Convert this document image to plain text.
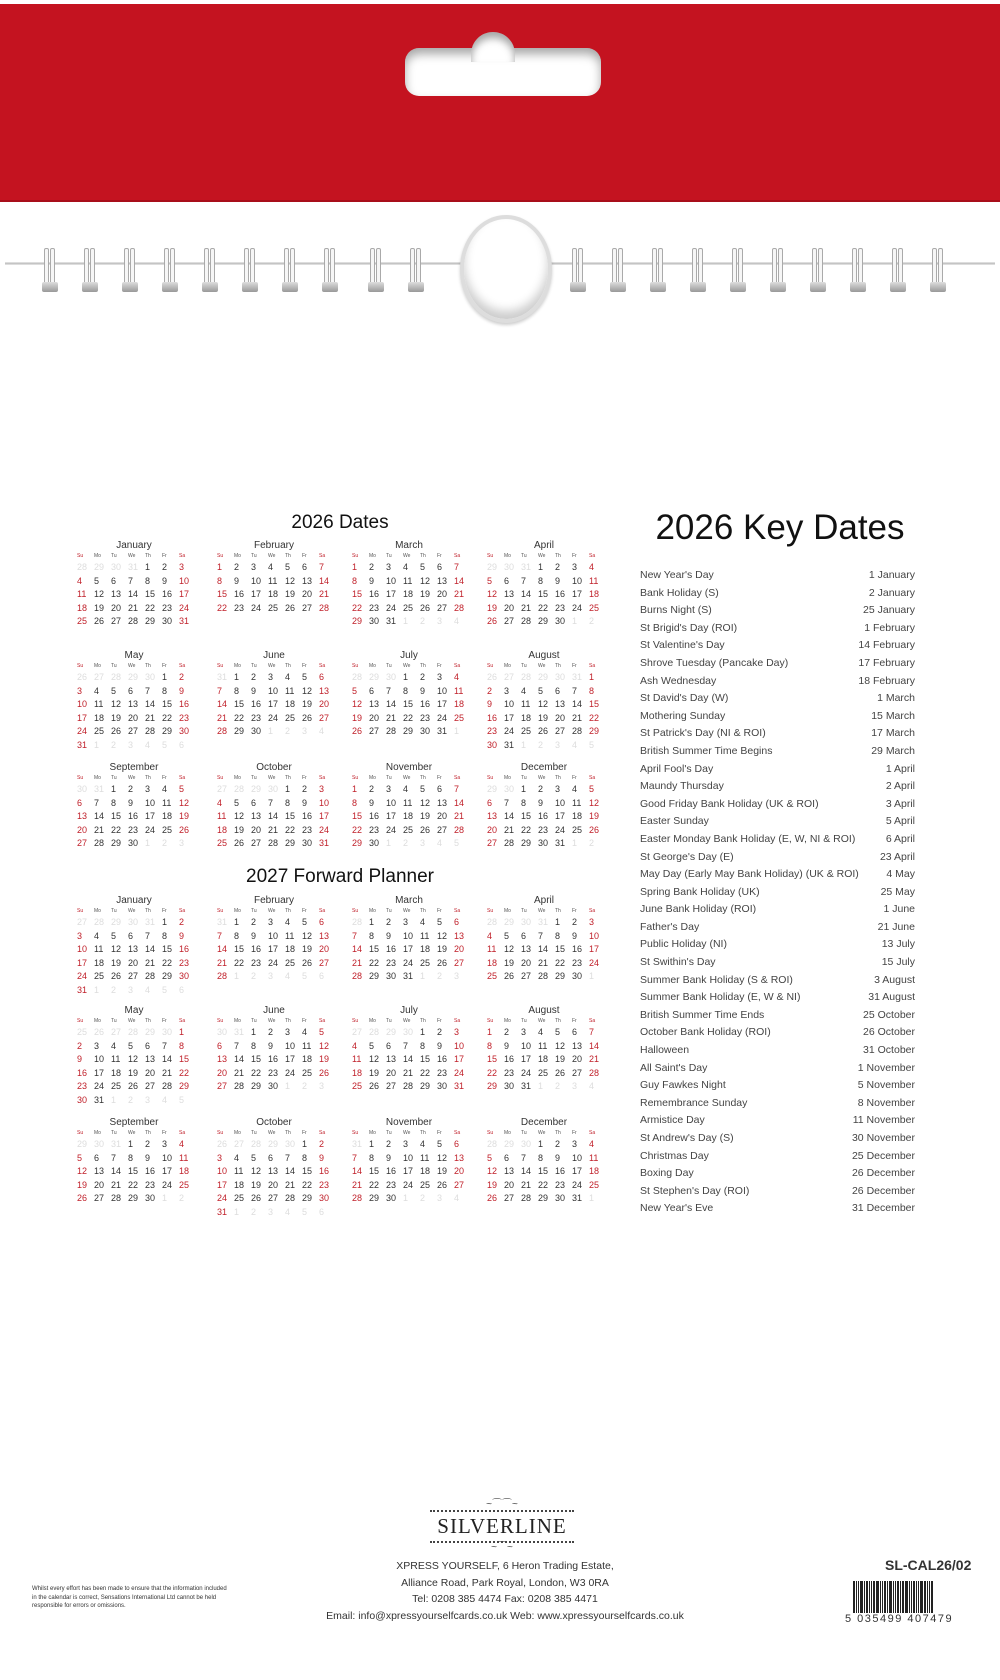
2026 Dates
January
Su	Mo	Tu	We	Th	Fr	Sa
28 29 30 31 1	2	3
4	5	6	7	8	9	10
11 12 13 14 15 16 17
18 19 20 21 22 23 24
25 26 27 28 29 30 31
February
Su	Mo	Tu	We	Th	Fr	Sa
1	2	3	4	5	6	7
8	9	10 11 12 13 14
15 16 17 18 19 20 21
22 23 24 25 26 27 28
March
Su	Mo	Tu	We	Th	Fr	Sa
1	2	3	4	5	6	7
8	9	10 11 12 13 14
15 16 17 18 19 20 21
22 23 24 25 26 27 28
29 30 31 1	2	3	4
April
Su	Mo	Tu	We	Th	Fr	Sa
29 30 31 1	2	3	4
5	6	7	8	9	10 11
12 13 14 15 16 17 18
19 20 21 22 23 24 25
26 27 28 29 30 1	2
May
Su	Mo	Tu	We	Th	Fr	Sa
26 27 28 29 30 1	2
3	4	5	6	7	8	9
10 11 12 13 14 15 16
17 18 19 20 21 22 23
24 25 26 27 28 29 30
31 1	2	3	4	5	6
June
Su	Mo	Tu	We	Th	Fr	Sa
31 1	2	3	4	5	6
7	8	9	10 11 12 13
14 15 16 17 18 19 20
21 22 23 24 25 26 27
28 29 30 1	2	3	4
July
Su	Mo	Tu	We	Th	Fr	Sa
28 29 30 1	2	3	4
5	6	7	8	9	10 11
12 13 14 15 16 17 18
19 20 21 22 23 24 25
26 27 28 29 30 31 1
August
Su	Mo	Tu	We	Th	Fr	Sa
26 27 28 29 30 31 1
2	3	4	5	6	7	8
9	10 11 12 13 14 15
16 17 18 19 20 21 22
23 24 25 26 27 28 29
30 31 1	2	3	4	5
September
Su	Mo	Tu	We	Th	Fr	Sa
30 31 1	2	3	4	5
6	7	8	9	10 11 12
13 14 15 16 17 18 19
20 21 22 23 24 25 26
27 28 29 30 1	2	3
October
Su	Mo	Tu	We	Th	Fr	Sa
27 28 29 30 1	2	3
4	5	6	7	8	9	10
11 12 13 14 15 16 17
18 19 20 21 22 23 24
25 26 27 28 29 30 31
November
Su	Mo	Tu	We	Th	Fr	Sa
1	2	3	4	5	6	7
8	9	10 11 12 13 14
15 16 17 18 19 20 21
22 23 24 25 26 27 28
29 30 1	2	3	4	5
December
Su	Mo	Tu	We	Th	Fr	Sa
29 30 1	2	3	4	5
6	7	8	9	10 11 12
13 14 15 16 17 18 19
20 21 22 23 24 25 26
27 28 29 30 31 1	2
2027 Forward Planner
January
Su	Mo	Tu	We	Th	Fr	Sa
27 28 29 30 31 1	2
3	4	5	6	7	8	9
10 11 12 13 14 15 16
17 18 19 20 21 22 23
24 25 26 27 28 29 30
31 1	2	3	4	5	6
February
Su	Mo	Tu	We	Th	Fr	Sa
31 1	2	3	4	5	6
7	8	9	10 11 12 13
14 15 16 17 18 19 20
21 22 23 24 25 26 27
28 1	2	3	4	5	6
March
Su	Mo	Tu	We	Th	Fr	Sa
28 1	2	3	4	5	6
7	8	9	10 11 12 13
14 15 16 17 18 19 20
21 22 23 24 25 26 27
28 29 30 31 1	2	3
April
Su	Mo	Tu	We	Th	Fr	Sa
28 29 30 31 1	2	3
4	5	6	7	8	9	10
11 12 13 14 15 16 17
18 19 20 21 22 23 24
25 26 27 28 29 30 1
May
Su	Mo	Tu	We	Th	Fr	Sa
25 26 27 28 29 30 1
2	3	4	5	6	7	8
9	10 11 12 13 14 15
16 17 18 19 20 21 22
23 24 25 26 27 28 29
30 31 1	2	3	4	5
June
Su	Mo	Tu	We	Th	Fr	Sa
30 31 1	2	3	4	5
6	7	8	9	10 11 12
13 14 15 16 17 18 19
20 21 22 23 24 25 26
27 28 29 30 1	2	3
July
Su	Mo	Tu	We	Th	Fr	Sa
27 28 29 30 1	2	3
4	5	6	7	8	9	10
11 12 13 14 15 16 17
18 19 20 21 22 23 24
25 26 27 28 29 30 31
August
Su	Mo	Tu	We	Th	Fr	Sa
1	2	3	4	5	6	7
8	9	10 11 12 13 14
15 16 17 18 19 20 21
22 23 24 25 26 27 28
29 30 31 1	2	3	4
September
Su	Mo	Tu	We	Th	Fr	Sa
29 30 31 1	2	3	4
5	6	7	8	9	10 11
12 13 14 15 16 17 18
19 20 21 22 23 24 25
26 27 28 29 30 1	2
October
Su	Mo	Tu	We	Th	Fr	Sa
26 27 28 29 30 1	2
3	4	5	6	7	8	9
10 11 12 13 14 15 16
17 18 19 20 21 22 23
24 25 26 27 28 29 30
31 1	2	3	4	5	6
November
Su	Mo	Tu	We	Th	Fr	Sa
31 1	2	3	4	5	6
7	8	9	10 11 12 13
14 15 16 17 18 19 20
21 22 23 24 25 26 27
28 29 30 1	2	3	4
December
Su	Mo	Tu	We	Th	Fr	Sa
28 29 30 1	2	3	4
5	6	7	8	9	10 11
12 13 14 15 16 17 18
19 20 21 22 23 24 25
26 27 28 29 30 31 1
2026 Key Dates
New Year's Day	1 January
Bank Holiday (S)	2 January
Burns Night (S)	25 January
St Brigid's Day (ROI)	1 February
St Valentine's Day	14 February
Shrove Tuesday (Pancake Day)	17 February
Ash Wednesday	18 February
St David's Day (W)	1 March
Mothering Sunday	15 March
St Patrick's Day (NI & ROI)	17 March
British Summer Time Begins	29 March
April Fool's Day	1 April
Maundy Thursday	2 April
Good Friday Bank Holiday (UK & ROI)	3 April
Easter Sunday	5 April
Easter Monday Bank Holiday (E, W, NI & ROI)	6 April
St George's Day (E)	23 April
May Day (Early May Bank Holiday) (UK & ROI)	4 May
Spring Bank Holiday (UK)	25 May
June Bank Holiday (ROI)	1 June
Father's Day	21 June
Public Holiday (NI)	13 July
St Swithin's Day	15 July
Summer Bank Holiday (S & ROI)	3 August
Summer Bank Holiday (E, W & NI)	31 August
British Summer Time Ends	25 October
October Bank Holiday (ROI)	26 October
Halloween	31 October
All Saint's Day	1 November
Guy Fawkes Night	5 November
Remembrance Sunday	8 November
Armistice Day	11 November
St Andrew's Day (S)	30 November
Christmas Day	25 December
Boxing Day	26 December
St Stephen's Day (ROI)	26 December
New Year's Eve	31 December
~⌒⌒~
SILVERLINE
~⌒~
Whilst every effort has been made to ensure that the information included in the calendar is correct, Sensations International Ltd cannot be held responsible for errors or omissions.
XPRESS YOURSELF, 6 Heron Trading Estate,
Alliance Road, Park Royal, London, W3 0RA
Tel: 0208 385 4474 Fax: 0208 385 4471
Email: info@xpressyourselfcards.co.uk Web: www.xpressyourselfcards.co.uk
SL-CAL26/02
5 035499 407479
